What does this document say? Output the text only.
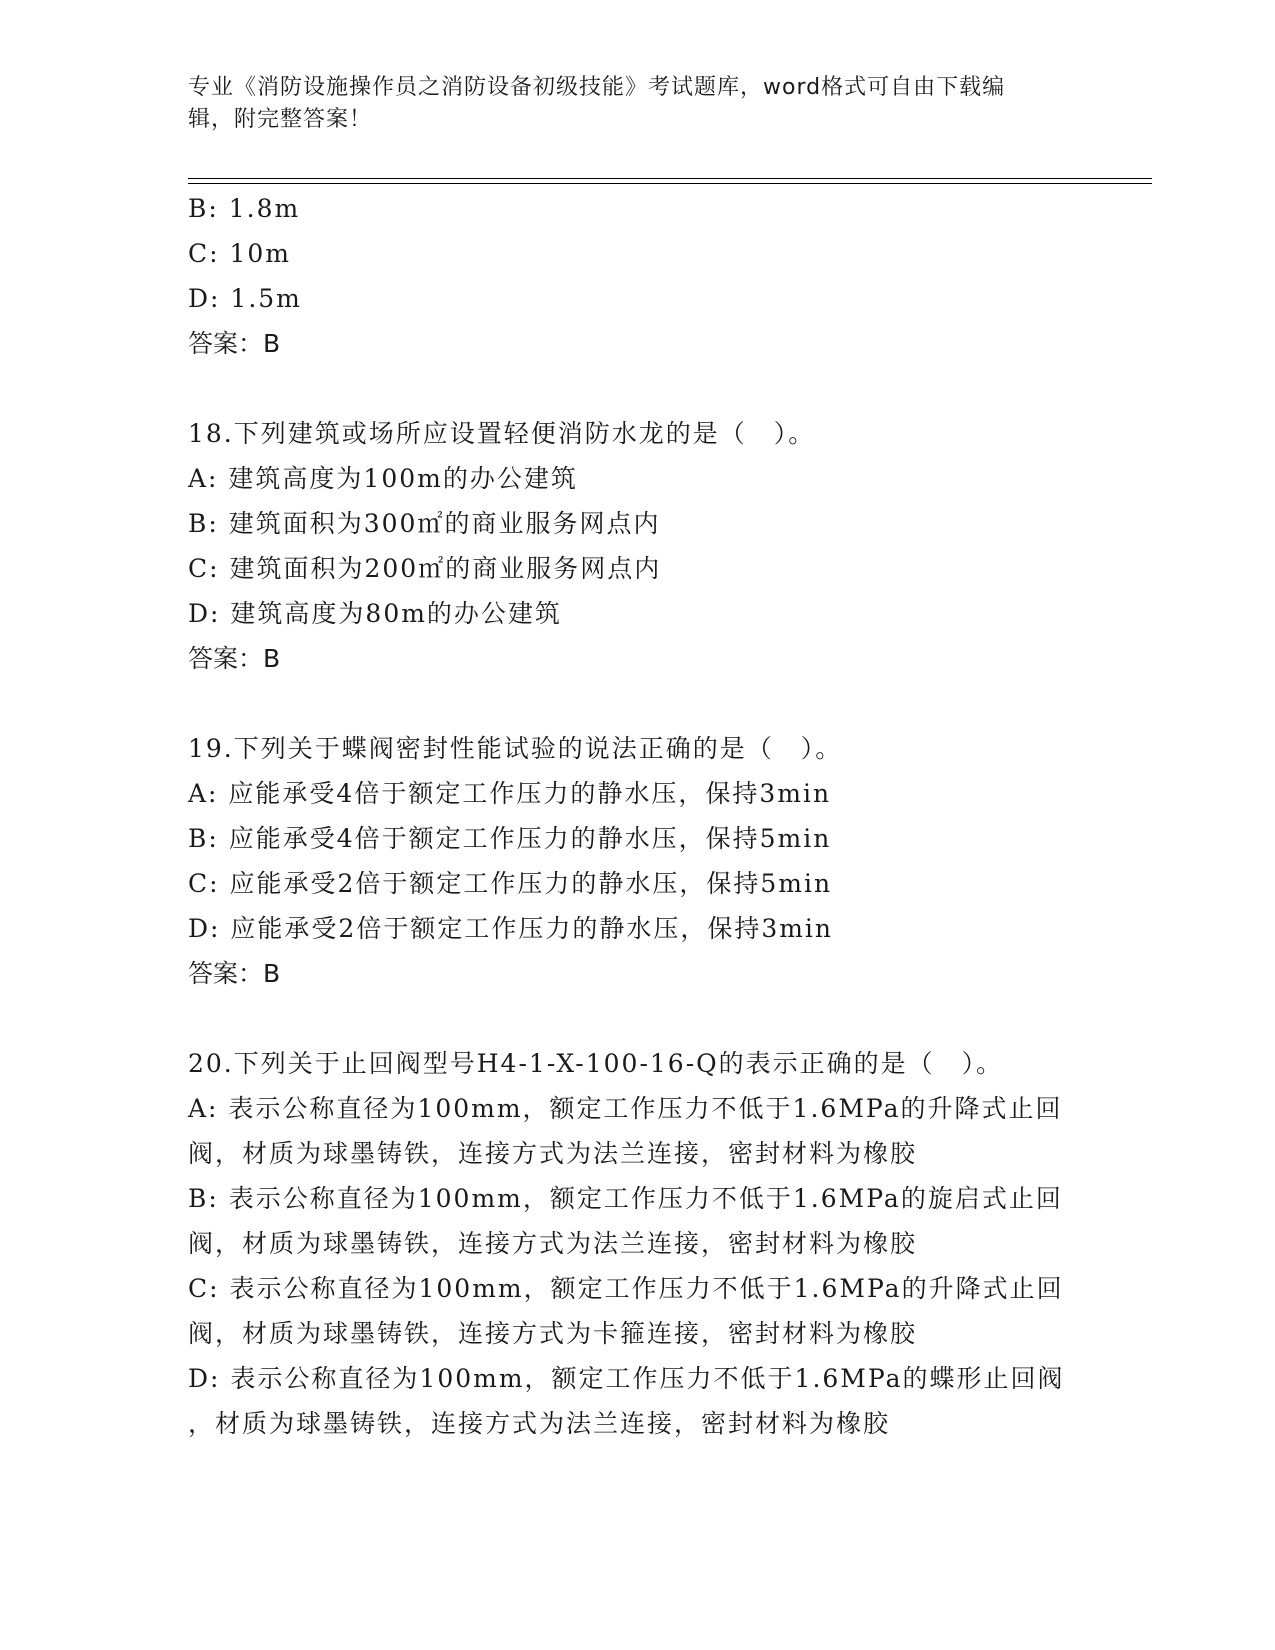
专业《消防设施操作员之消防设备初级技能》考试题库，word格式可自由下载编
辑，附完整答案！
B: 1.8m
C: 10m
D: 1.5m
答案：B
18.下列建筑或场所应设置轻便消防水龙的是（　）。
A: 建筑高度为100m的办公建筑
B: 建筑面积为300㎡的商业服务网点内
C: 建筑面积为200㎡的商业服务网点内
D: 建筑高度为80m的办公建筑
答案：B
19.下列关于蝶阀密封性能试验的说法正确的是（　）。
A: 应能承受4倍于额定工作压力的静水压，保持3min
B: 应能承受4倍于额定工作压力的静水压，保持5min
C: 应能承受2倍于额定工作压力的静水压，保持5min
D: 应能承受2倍于额定工作压力的静水压，保持3min
答案：B
20.下列关于止回阀型号H4-1-X-100-16-Q的表示正确的是（　）。
A: 表示公称直径为100mm，额定工作压力不低于1.6MPa的升降式止回
阀，材质为球墨铸铁，连接方式为法兰连接，密封材料为橡胶
B: 表示公称直径为100mm，额定工作压力不低于1.6MPa的旋启式止回
阀，材质为球墨铸铁，连接方式为法兰连接，密封材料为橡胶
C: 表示公称直径为100mm，额定工作压力不低于1.6MPa的升降式止回
阀，材质为球墨铸铁，连接方式为卡箍连接，密封材料为橡胶
D: 表示公称直径为100mm，额定工作压力不低于1.6MPa的蝶形止回阀
，材质为球墨铸铁，连接方式为法兰连接，密封材料为橡胶
